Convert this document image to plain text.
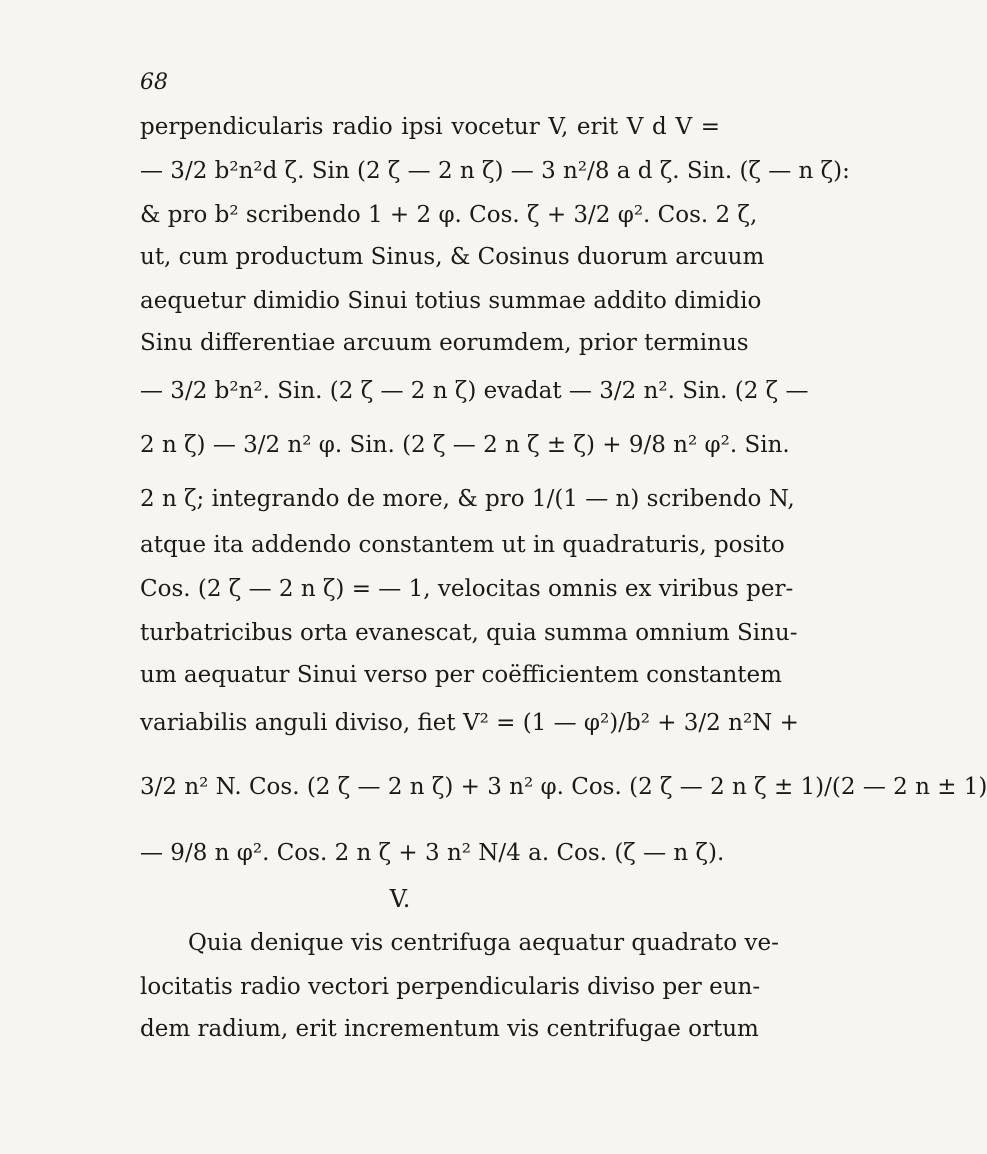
68
perpendicularis radio ipsi vocetur V, erit V d V =
— 3/2 b²n²d ζ. Sin (2 ζ — 2 n ζ) — 3 n²/8 a d ζ. Sin. (ζ — n ζ):
& pro b² scribendo 1 + 2 φ. Cos. ζ + 3/2 φ². Cos. 2 ζ,
ut, cum productum Sinus, & Cosinus duorum arcuum
aequetur dimidio Sinui totius summae addito dimidio
Sinu differentiae arcuum eorumdem, prior terminus
— 3/2 b²n². Sin. (2 ζ — 2 n ζ) evadat — 3/2 n². Sin. (2 ζ —
2 n ζ) — 3/2 n² φ. Sin. (2 ζ — 2 n ζ ± ζ) + 9/8 n² φ². Sin.
2 n ζ; integrando de more, & pro 1/(1 — n) scribendo N,
atque ita addendo constantem ut in quadraturis, posito
Cos. (2 ζ — 2 n ζ) = — 1, velocitas omnis ex viribus per-
turbatricibus orta evanescat, quia summa omnium Sinu-
um aequatur Sinui verso per coëfficientem constantem
variabilis anguli diviso, fiet V² = (1 — φ²)/b² + 3/2 n²N +
3/2 n² N. Cos. (2 ζ — 2 n ζ) + 3 n² φ. Cos. (2 ζ — 2 n ζ ± 1)/(2 — 2 n ± 1)
— 9/8 n φ². Cos. 2 n ζ + 3 n² N/4 a. Cos. (ζ — n ζ).
V.
Quia denique vis centrifuga aequatur quadrato ve-
locitatis radio vectori perpendicularis diviso per eun-
dem radium, erit incrementum vis centrifugae ortum
